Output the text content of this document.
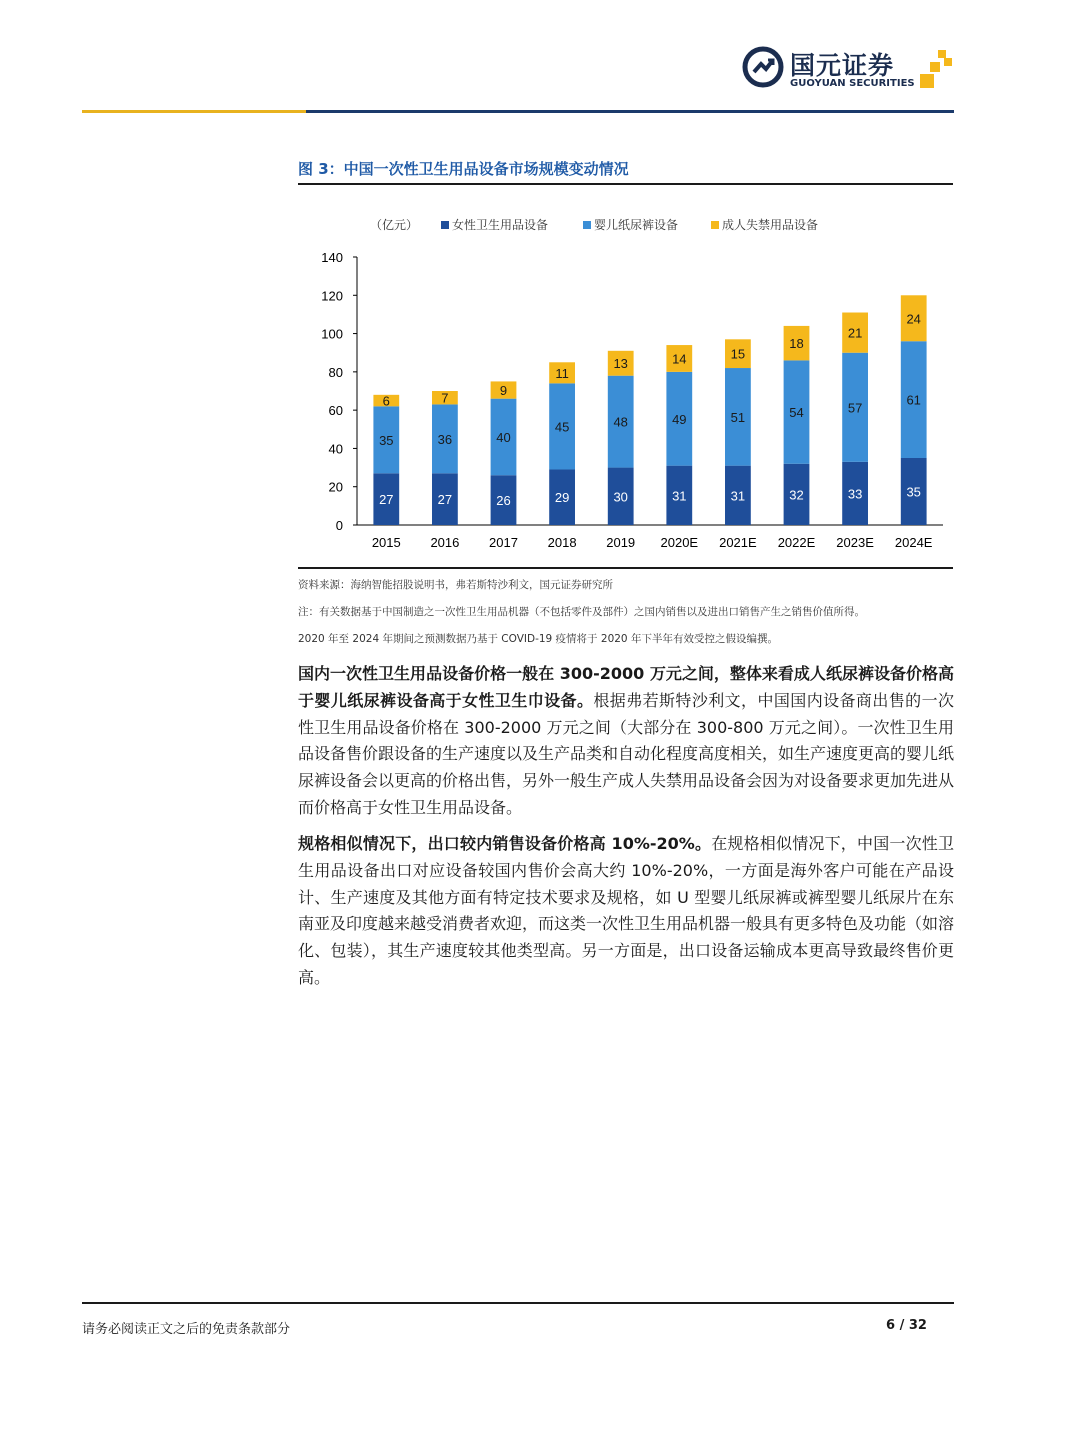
国元证券
GUOYUAN SECURITIES
图 3：中国一次性卫生用品设备市场规模变动情况
（亿元）	女性卫生用品设备	婴儿纸尿裤设备	成人失禁用品设备
0
20
40
60
80
100
120
140
27
35
6
2015
27
36
7
2016
26
40
9
2017
29
45
11
2018
30
48
13
2019
31
49
14
2020E
31
51
15
2021E
32
54
18
2022E
33
57
21
2023E
35
61
24
2024E
资料来源：海纳智能招股说明书，弗若斯特沙利文，国元证券研究所
注：有关数据基于中国制造之一次性卫生用品机器（不包括零件及部件）之国内销售以及进出口销售产生之销售价值所得。
2020 年至 2024 年期间之预测数据乃基于 COVID-19 疫情将于 2020 年下半年有效受控之假设编撰。
国内一次性卫生用品设备价格一般在 300-2000 万元之间，整体来看成人纸尿裤设备价格高于婴儿纸尿裤设备高于女性卫生巾设备。根据弗若斯特沙利文，中国国内设备商出售的一次性卫生用品设备价格在 300-2000 万元之间（大部分在 300-800 万元之间）。一次性卫生用品设备售价跟设备的生产速度以及生产品类和自动化程度高度相关，如生产速度更高的婴儿纸尿裤设备会以更高的价格出售，另外一般生产成人失禁用品设备会因为对设备要求更加先进从而价格高于女性卫生用品设备。
规格相似情况下，出口较内销售设备价格高 10%-20%。在规格相似情况下，中国一次性卫生用品设备出口对应设备较国内售价会高大约 10%-20%，一方面是海外客户可能在产品设计、生产速度及其他方面有特定技术要求及规格，如 U 型婴儿纸尿裤或裤型婴儿纸尿片在东南亚及印度越来越受消费者欢迎，而这类一次性卫生用品机器一般具有更多特色及功能（如溶化、包装），其生产速度较其他类型高。另一方面是，出口设备运输成本更高导致最终售价更高。
请务必阅读正文之后的免责条款部分	6 / 32
